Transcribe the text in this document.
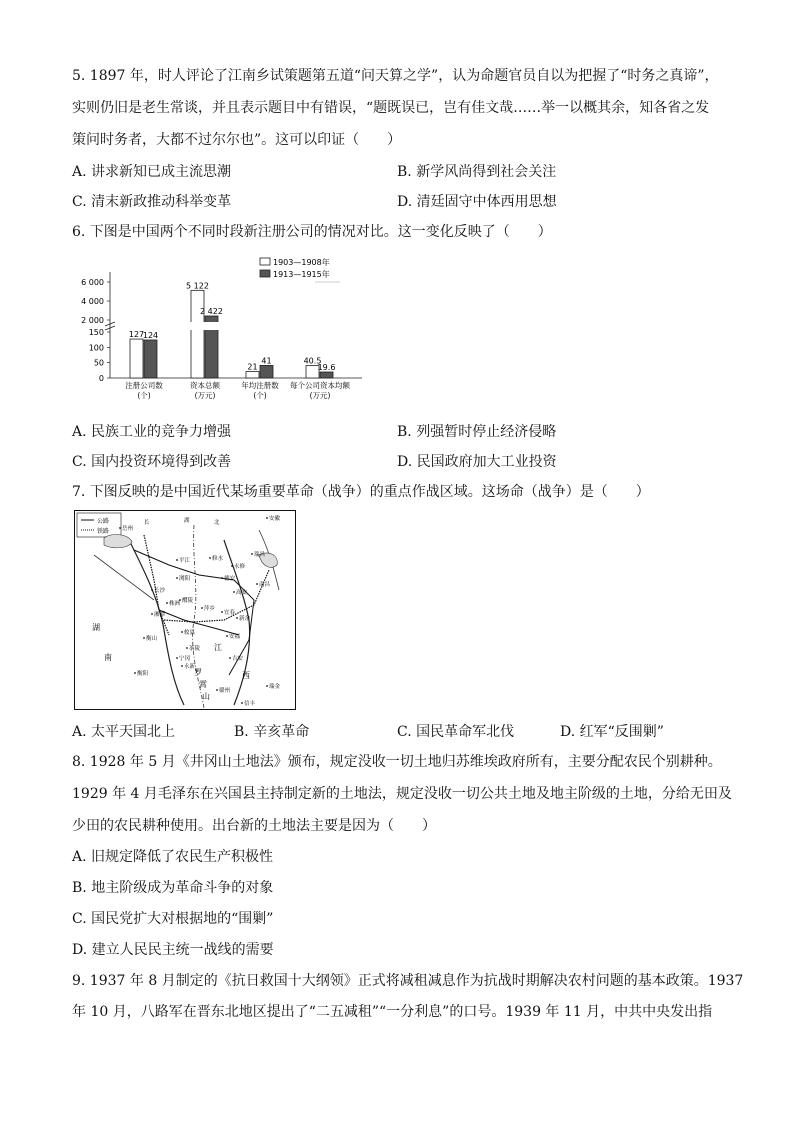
5. 1897 年，时人评论了江南乡试策题第五道“问天算之学”，认为命题官员自以为把握了“时务之真谛”，
实则仍旧是老生常谈，并且表示题目中有错误，“题既误已，岂有佳文哉……举一以概其余，知各省之发
策问时务者，大都不过尔尔也”。这可以印证（　　）
A. 讲求新知已成主流思潮	B. 新学风尚得到社会关注
C. 清末新政推动科举变革	D. 清廷固守中体西用思想
6. 下图是中国两个不同时段新注册公司的情况对比。这一变化反映了（　　）
1903—1908年
1913—1915年
6 000
4 000
2 000
150
100
50
0
127
124
5 122
2 422
21
41	40.5
19.6
注册公司数
(个)
资本总额
(万元)
年均注册数
(个)
每个公司资本均额
(万元)
A. 民族工业的竞争力增强	B. 列强暂时停止经济侵略
C. 国内投资环境得到改善	D. 民国政府加大工业投资
7. 下图反映的是中国近代某场重要革命（战争）的重点作战区域。这场命（战争）是（　　）
公路
铁路
湖	北
安徽
长
岳州
平江	修水
永修
瑞昌
南昌
高安
德安
浏阳
长沙
株洲 醴陵
萍乡
宜春
新余
湘潭
衡山
攸县
安福
茶陵
吉安
湖
南
罗
霄
山
江
西
衡阳
宁冈
永新
赣州
瑞金
信丰
A. 太平天国北上	B. 辛亥革命	C. 国民革命军北伐	D. 红军“反围剿”
8. 1928 年 5 月《井冈山土地法》颁布，规定没收一切土地归苏维埃政府所有，主要分配农民个别耕种。
1929 年 4 月毛泽东在兴国县主持制定新的土地法，规定没收一切公共土地及地主阶级的土地，分给无田及
少田的农民耕种使用。出台新的土地法主要是因为（　　）
A. 旧规定降低了农民生产积极性
B. 地主阶级成为革命斗争的对象
C. 国民党扩大对根据地的“围剿”
D. 建立人民民主统一战线的需要
9. 1937 年 8 月制定的《抗日救国十大纲领》正式将减租减息作为抗战时期解决农村问题的基本政策。1937
年 10 月，八路军在晋东北地区提出了“二五减租”“一分利息”的口号。1939 年 11 月，中共中央发出指
